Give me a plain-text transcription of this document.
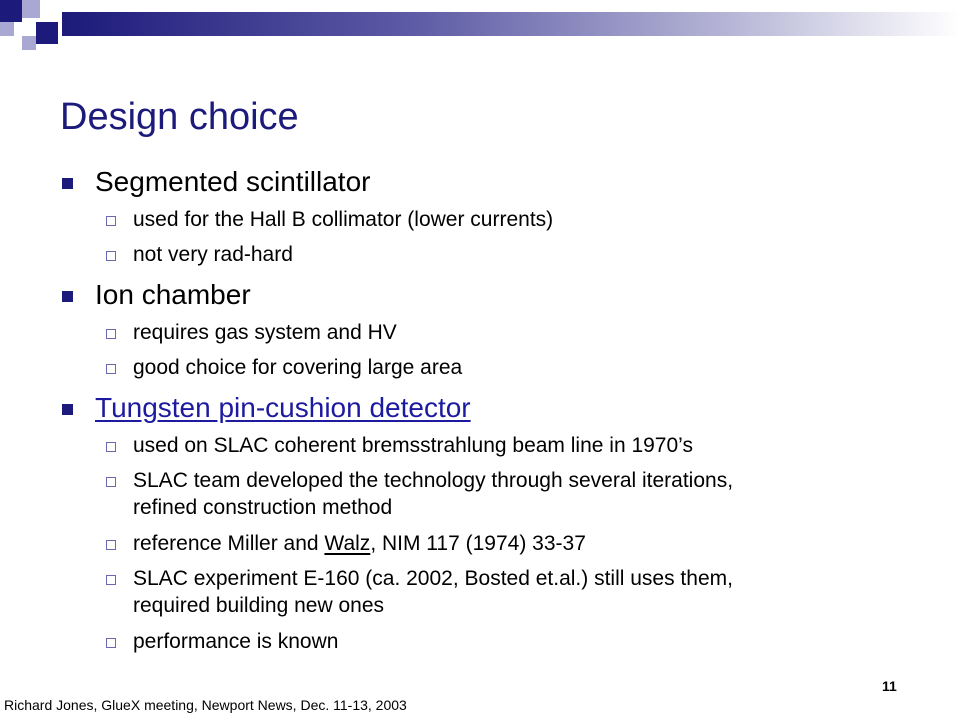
Design choice
Segmented scintillator
used for the Hall B collimator (lower currents)
not very rad-hard
Ion chamber
requires gas system and HV
good choice for covering large area
Tungsten pin-cushion detector
used on SLAC coherent bremsstrahlung beam line in 1970’s
SLAC team developed the technology through several iterations,
refined construction method
reference Miller and Walz, NIM 117 (1974) 33-37
SLAC experiment E-160 (ca. 2002, Bosted et.al.) still uses them,
required building new ones
performance is known
Richard Jones, GlueX meeting, Newport News, Dec. 11-13, 2003
11
